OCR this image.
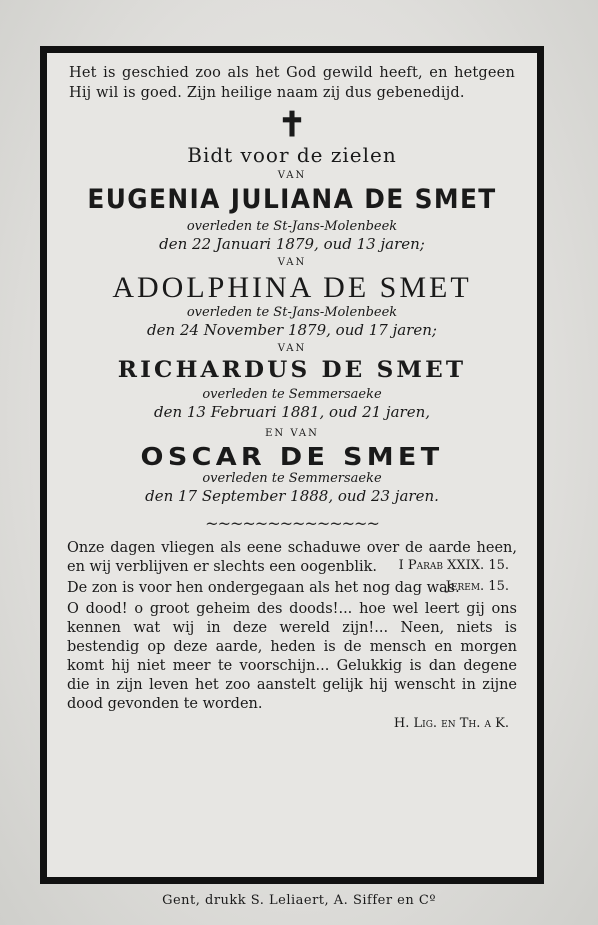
Het is geschied zoo als het God gewild heeft, en hetgeen Hij wil is goed. Zijn heilige naam zij dus gebenedijd.
✝
Bidt voor de zielen
VAN
EUGENIA JULIANA DE SMET
overleden te St-Jans-Molenbeek
den 22 Januari 1879, oud 13 jaren;
VAN
ADOLPHINA DE SMET
overleden te St-Jans-Molenbeek
den 24 November 1879, oud 17 jaren;
VAN
RICHARDUS DE SMET
overleden te Semmersaeke
den 13 Februari 1881, oud 21 jaren,
EN VAN
OSCAR DE SMET
overleden te Semmersaeke
den 17 September 1888, oud 23 jaren.
~~~~~~~~~~~~~~
Onze dagen vliegen als eene schaduwe over de aarde heen, en wij verblijven er slechts een oogenblik.	I Parab XXIX. 15.
De zon is voor hen ondergegaan als het nog dag was.
Jerem. 15.
O dood! o groot geheim des doods!... hoe wel leert gij ons kennen wat wij in deze wereld zijn!... Neen, niets is bestendig op deze aarde, heden is de mensch en morgen komt hij niet meer te voorschijn... Gelukkig is dan degene die in zijn leven het zoo aanstelt gelijk hij wenscht in zijne dood gevonden te worden.
H. Lig. en Th. a K.
Gent, drukk S. Leliaert, A. Siffer en Cº
